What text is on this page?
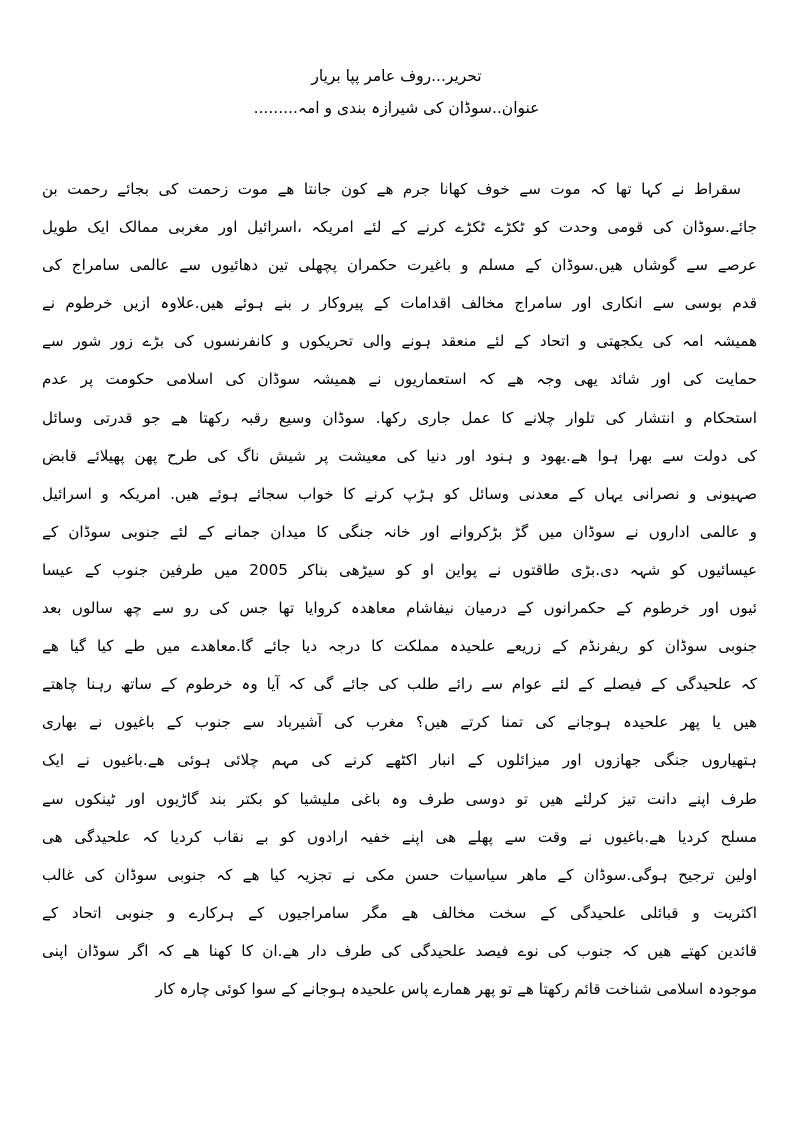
تحریر...روف عامر پپا بریار
عنوان..سوڈان کی شیرازہ بندی و امہ.........
سقراط نے کہا تھا کہ موت سے خوف کھانا جرم ھے کون جانتا ھے موت زحمت کی بجائے رحمت بن
جائے.سوڈان کی قومی وحدت کو ٹکڑے ٹکڑے کرنے کے لئے امریکہ ،اسرائیل اور مغربی ممالک ایک طویل
عرصے سے گوشاں ھیں.سوڈان کے مسلم و باغیرت حکمران پچھلی تین دھائیوں سے عالمی سامراج کی
قدم بوسی سے انکاری اور سامراج مخالف اقدامات کے پیروکار ر بنے ہوئے ھیں.علاوہ ازیں خرطوم نے
ھمیشہ امہ کی یکجھتی و اتحاد کے لئے منعقد ہونے والی تحریکوں و کانفرنسوں کی بڑے زور شور سے
حمایت کی اور شائد یھی وجہ ھے کہ استعماریوں نے ھمیشہ سوڈان کی اسلامی حکومت پر عدم
استحکام و انتشار کی تلوار چلانے کا عمل جاری رکھا. سوڈان وسیع رقبہ رکھتا ھے جو قدرتی وسائل
کی دولت سے بھرا ہوا ھے.یھود و ہنود اور دنیا کی معیشت پر شیش ناگ کی طرح پھن پھیلائے قابض
صہیونی و نصرانی یہاں کے معدنی وسائل کو ہڑپ کرنے کا خواب سجائے ہوئے ھیں. امریکہ و اسرائیل
و عالمی اداروں نے سوڈان میں گڑ بڑکروانے اور خانہ جنگی کا میدان جمانے کے لئے جنوبی سوڈان کے
عیسائیوں کو شہہ دی.بڑی طاقتوں نے پواین او کو سیڑھی بناکر 2005 میں طرفین جنوب کے عیسا
ئیوں اور خرطوم کے حکمرانوں کے درمیان نیفاشام معاھدہ کروایا تھا جس کی رو سے چھ سالوں بعد
جنوبی سوڈان کو ریفرنڈم کے زریعے علحیدہ مملکت کا درجہ دیا جائے گا.معاھدے میں طے کیا گیا ھے
کہ علحیدگی کے فیصلے کے لئے عوام سے رائے طلب کی جائے گی کہ آیا وہ خرطوم کے ساتھ رہنا چاھتے
ھیں یا پھر علحیدہ ہوجانے کی تمنا کرتے ھیں؟ مغرب کی آشیرباد سے جنوب کے باغیوں نے بھاری
ہتھیاروں جنگی جھازوں اور میزائلوں کے انبار اکٹھے کرنے کی مہم چلائی ہوئی ھے.باغیوں نے ایک
طرف اپنے دانت تیز کرلئے ھیں تو دوسی طرف وہ باغی ملیشیا کو بکتر بند گاڑیوں اور ٹینکوں سے
مسلح کردیا ھے.باغیوں نے وقت سے پھلے ھی اپنے خفیہ ارادوں کو بے نقاب کردیا کہ علحیدگی ھی
اولین ترجیح ہوگی.سوڈان کے ماھر سیاسیات حسن مکی نے تجزیہ کیا ھے کہ جنوبی سوڈان کی غالب
اکثریت و قبائلی علحیدگی کے سخت مخالف ھے مگر سامراجیوں کے ہرکارے و جنوبی اتحاد کے
قائدین کھتے ھیں کہ جنوب کی نوے فیصد علحیدگی کی طرف دار ھے.ان کا کھنا ھے کہ اگر سوڈان اپنی
موجودہ اسلامی شناخت قائم رکھتا ھے تو پھر ھمارے پاس علحیدہ ہوجانے کے سوا کوئی چارہ کار
